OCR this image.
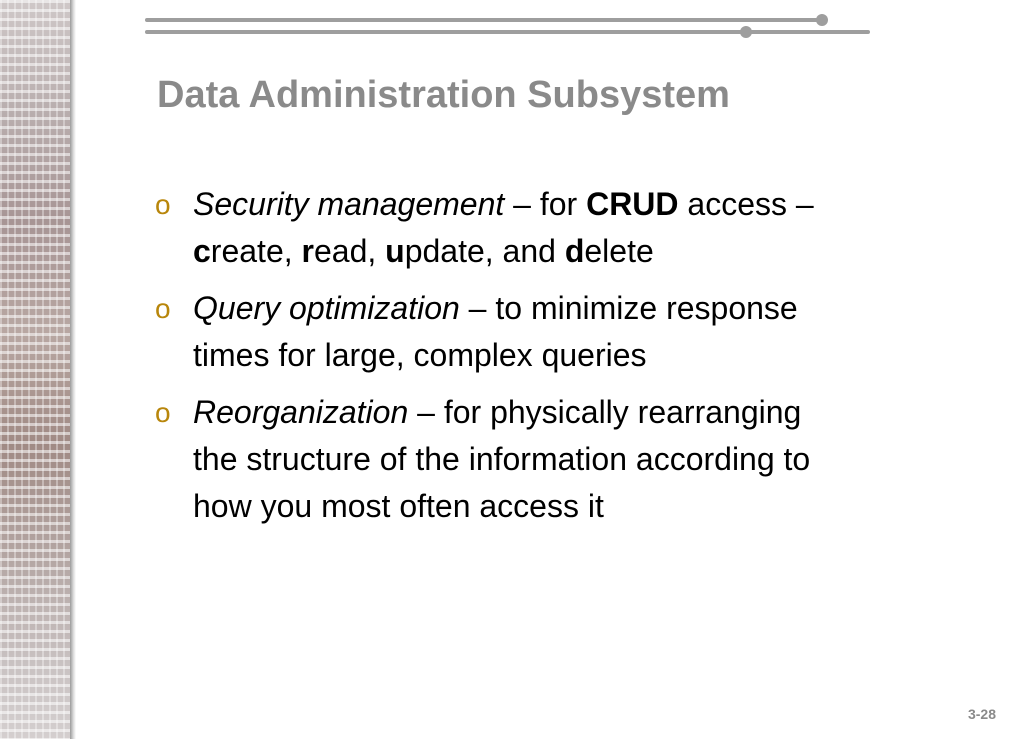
Data Administration Subsystem
o Security management – for CRUD access – create, read, update, and delete
o Query optimization – to minimize response times for large, complex queries
o Reorganization – for physically rearranging the structure of the information according to how you most often access it
3-28
